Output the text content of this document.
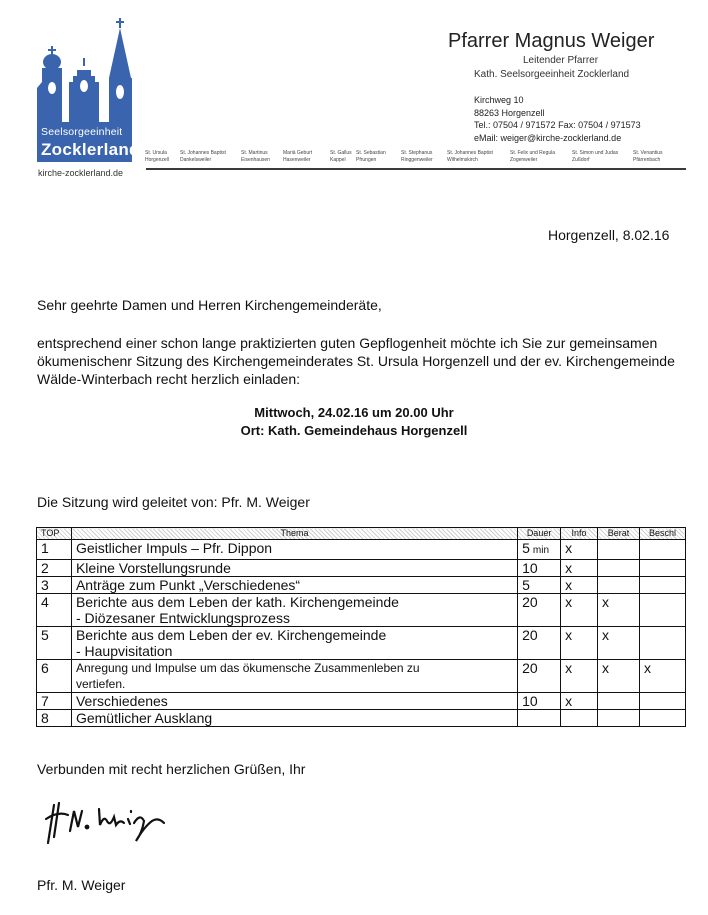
Seelsorgeeinheit
Zocklerland
kirche-zocklerland.de
St. Ursula
Horgenzell
St. Johannes Baptist
Dankelsweiler
St. Martinus
Eisenhausen
Mariä Geburt
Hasenweiler
St. Gallus
Kappel
St. Sebastian
Pfrungen
St. Stephanus
Ringgenweiler
St. Johannes Baptist
Wilhelmskirch
St. Felix und Regula
Zogenweiler
St. Simon und Judas
Zußdorf
St. Venantius
Pfärrenbach
Pfarrer Magnus Weiger
Leitender Pfarrer
Kath. Seelsorgeeinheit Zocklerland
Kirchweg 10
88263 Horgenzell
Tel.: 07504 / 971572 Fax: 07504 / 971573
eMail: weiger@kirche-zocklerland.de
Horgenzell, 8.02.16
Sehr geehrte Damen und Herren Kirchengemeinderäte,
entsprechend einer schon lange praktizierten guten Gepflogenheit möchte ich Sie zur gemeinsamen ökumenischenr Sitzung des Kirchengemeinderates St. Ursula Horgenzell und der ev. Kirchengemeinde Wälde-Winterbach recht herzlich einladen:
Mittwoch, 24.02.16 um 20.00 Uhr
Ort: Kath. Gemeindehaus Horgenzell
Die Sitzung wird geleitet von: Pfr. M. Weiger
TOP	Thema	Dauer	Info	Berat	Beschl
1	Geistlicher Impuls – Pfr. Dippon	5 min	x		
2	Kleine Vorstellungsrunde	10	x		
3	Anträge zum Punkt „Verschiedenes“	5	x		
4	Berichte aus dem Leben der kath. Kirchengemeinde
- Diözesaner Entwicklungsprozess	20	x	x	
5	Berichte aus dem Leben der ev. Kirchengemeinde
- Haupvisitation	20	x	x	
6	Anregung und Impulse um das ökumensche Zusammenleben zu
vertiefen.	20	x	x	x
7	Verschiedenes	10	x		
8	Gemütlicher Ausklang				
Verbunden mit recht herzlichen Grüßen, Ihr
Pfr. M. Weiger
